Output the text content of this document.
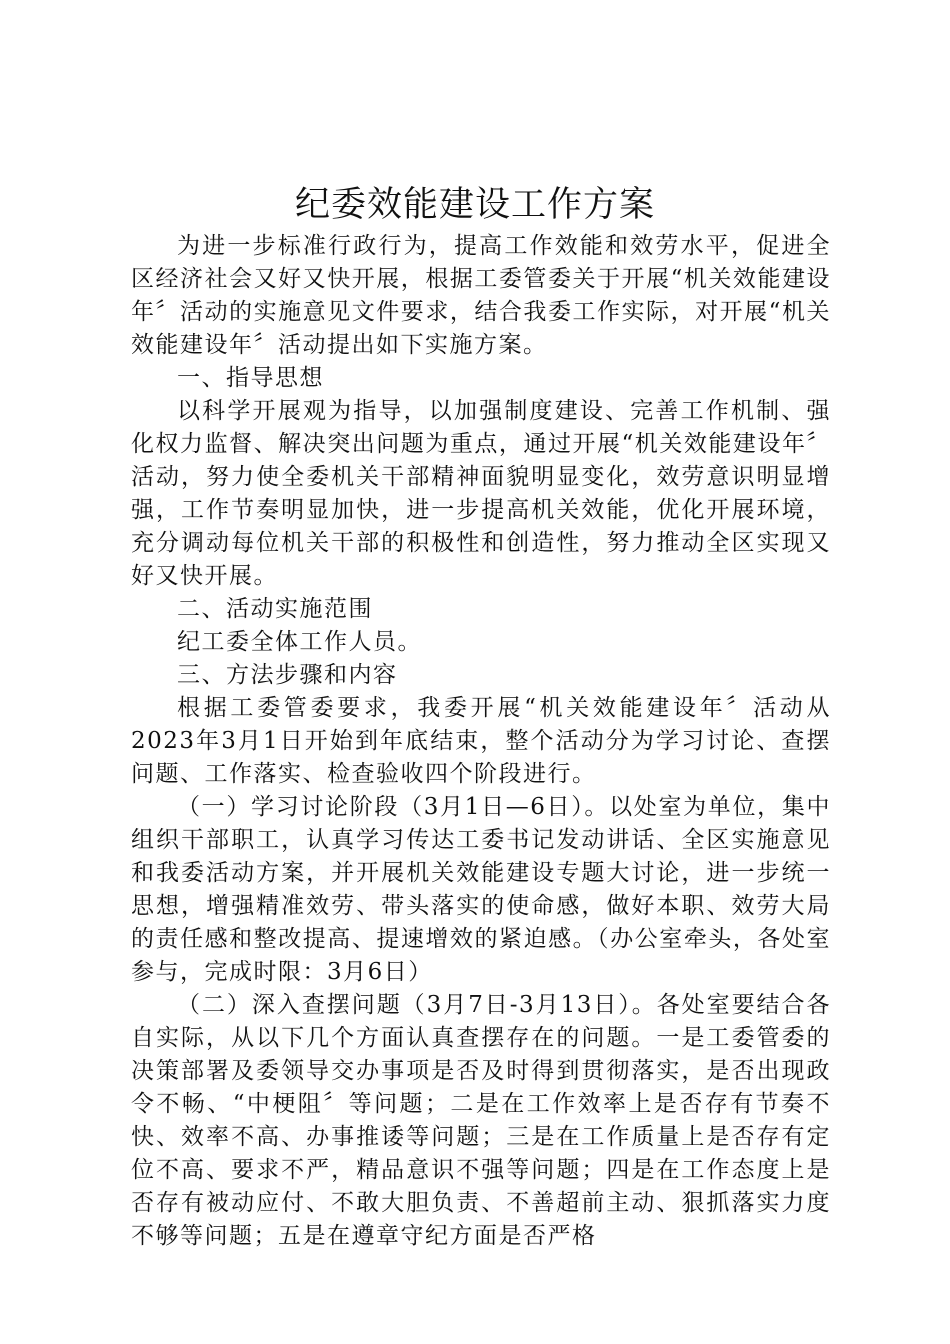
纪委效能建设工作方案

为进一步标准行政行为，提高工作效能和效劳水平，促进全区经济社会又好又快开展，根据工委管委关于开展“机关效能建设年〞活动的实施意见文件要求，结合我委工作实际，对开展“机关效能建设年〞活动提出如下实施方案。

一、指导思想

以科学开展观为指导，以加强制度建设、完善工作机制、强化权力监督、解决突出问题为重点，通过开展“机关效能建设年〞活动，努力使全委机关干部精神面貌明显变化，效劳意识明显增强，工作节奏明显加快，进一步提高机关效能，优化开展环境，充分调动每位机关干部的积极性和创造性，努力推动全区实现又好又快开展。

二、活动实施范围

纪工委全体工作人员。

三、方法步骤和内容

根据工委管委要求，我委开展“机关效能建设年〞活动从2023年3月1日开始到年底结束，整个活动分为学习讨论、查摆问题、工作落实、检查验收四个阶段进行。

（一）学习讨论阶段（3月1日—6日）。以处室为单位，集中组织干部职工，认真学习传达工委书记发动讲话、全区实施意见和我委活动方案，并开展机关效能建设专题大讨论，进一步统一思想，增强精准效劳、带头落实的使命感，做好本职、效劳大局的责任感和整改提高、提速增效的紧迫感。（办公室牵头，各处室参与，完成时限：3月6日）

（二）深入查摆问题（3月7日-3月13日）。各处室要结合各自实际，从以下几个方面认真查摆存在的问题。一是工委管委的决策部署及委领导交办事项是否及时得到贯彻落实，是否出现政令不畅、“中梗阻〞等问题；二是在工作效率上是否存有节奏不快、效率不高、办事推诿等问题；三是在工作质量上是否存有定位不高、要求不严，精品意识不强等问题；四是在工作态度上是否存有被动应付、不敢大胆负责、不善超前主动、狠抓落实力度不够等问题；五是在遵章守纪方面是否严格
